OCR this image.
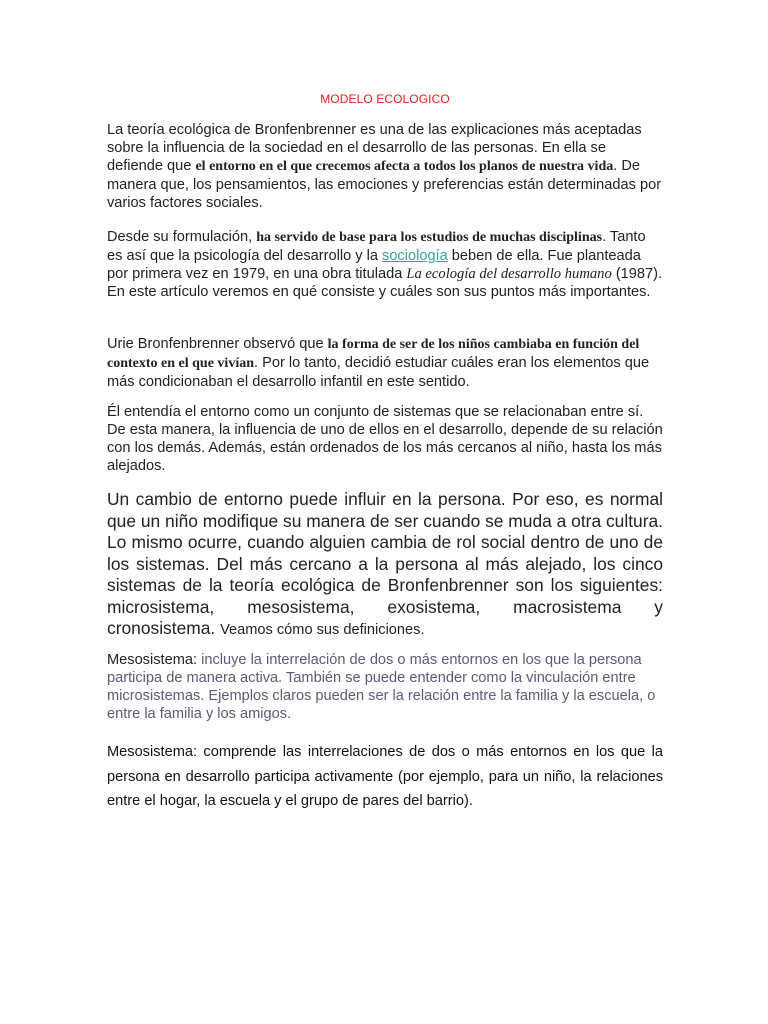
MODELO ECOLOGICO

La teoría ecológica de Bronfenbrenner es una de las explicaciones más aceptadas sobre la influencia de la sociedad en el desarrollo de las personas. En ella se defiende que el entorno en el que crecemos afecta a todos los planos de nuestra vida. De manera que, los pensamientos, las emociones y preferencias están determinadas por varios factores sociales.

Desde su formulación, ha servido de base para los estudios de muchas disciplinas. Tanto es así que la psicología del desarrollo y la sociología beben de ella. Fue planteada por primera vez en 1979, en una obra titulada La ecología del desarrollo humano (1987). En este artículo veremos en qué consiste y cuáles son sus puntos más importantes.

Urie Bronfenbrenner observó que la forma de ser de los niños cambiaba en función del contexto en el que vivían. Por lo tanto, decidió estudiar cuáles eran los elementos que más condicionaban el desarrollo infantil en este sentido.

Él entendía el entorno como un conjunto de sistemas que se relacionaban entre sí. De esta manera, la influencia de uno de ellos en el desarrollo, depende de su relación con los demás. Además, están ordenados de los más cercanos al niño, hasta los más alejados.

Un cambio de entorno puede influir en la persona. Por eso, es normal que un niño modifique su manera de ser cuando se muda a otra cultura. Lo mismo ocurre, cuando alguien cambia de rol social dentro de uno de los sistemas. Del más cercano a la persona al más alejado, los cinco sistemas de la teoría ecológica de Bronfenbrenner son los siguientes: microsistema, mesosistema, exosistema, macrosistema y cronosistema. Veamos cómo sus definiciones.

Mesosistema: incluye la interrelación de dos o más entornos en los que la persona participa de manera activa. También se puede entender como la vinculación entre microsistemas. Ejemplos claros pueden ser la relación entre la familia y la escuela, o entre la familia y los amigos.

Mesosistema: comprende las interrelaciones de dos o más entornos en los que la persona en desarrollo participa activamente (por ejemplo, para un niño, la relaciones entre el hogar, la escuela y el grupo de pares del barrio).
